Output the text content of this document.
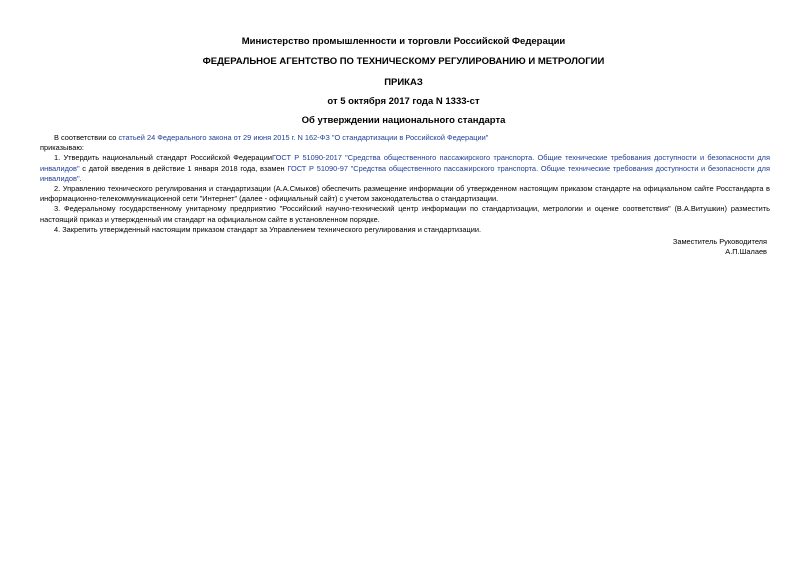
Министерство промышленности и торговли Российской Федерации
ФЕДЕРАЛЬНОЕ АГЕНТСТВО ПО ТЕХНИЧЕСКОМУ РЕГУЛИРОВАНИЮ И МЕТРОЛОГИИ
ПРИКАЗ
от 5 октября 2017 года N 1333-ст
Об утверждении национального стандарта

В соответствии со статьей 24 Федерального закона от 29 июня 2015 г. N 162-ФЗ "О стандартизации в Российской Федерации"

приказываю:

1. Утвердить национальный стандарт Российской ФедерацииГОСТ Р 51090-2017 "Средства общественного пассажирского транспорта. Общие технические требования доступности и безопасности для инвалидов" с датой введения в действие 1 января 2018 года, взамен ГОСТ Р 51090-97 "Средства общественного пассажирского транспорта. Общие технические требования доступности и безопасности для инвалидов".

2. Управлению технического регулирования и стандартизации (А.А.Смыков) обеспечить размещение информации об утвержденном настоящим приказом стандарте на официальном сайте Росстандарта в информационно-телекоммуникационной сети "Интернет" (далее - официальный сайт) с учетом законодательства о стандартизации.

3. Федеральному государственному унитарному предприятию "Российский научно-технический центр информации по стандартизации, метрологии и оценке соответствия" (В.А.Витушкин) разместить настоящий приказ и утвержденный им стандарт на официальном сайте в установленном порядке.

4. Закрепить утвержденный настоящим приказом стандарт за Управлением технического регулирования и стандартизации.

Заместитель Руководителя
А.П.Шалаев
